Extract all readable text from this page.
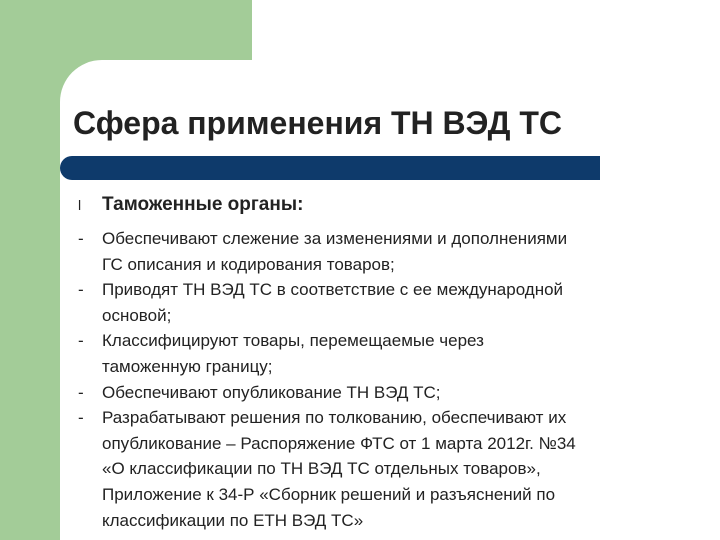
Сфера применения ТН ВЭД ТС
l Таможенные органы:
-	Обеспечивают слежение за изменениями и дополнениями
ГС описания и кодирования товаров;
-	Приводят ТН ВЭД ТС в соответствие с ее международной
основой;
-	Классифицируют товары, перемещаемые через
таможенную границу;
-	Обеспечивают опубликование ТН ВЭД ТС;
-	Разрабатывают решения по толкованию, обеспечивают их
опубликование – Распоряжение ФТС от 1 марта 2012г. №34
«О классификации по ТН ВЭД ТС отдельных товаров»,
Приложение к 34-Р «Сборник решений и разъяснений по
классификации по ЕТН ВЭД ТС»
